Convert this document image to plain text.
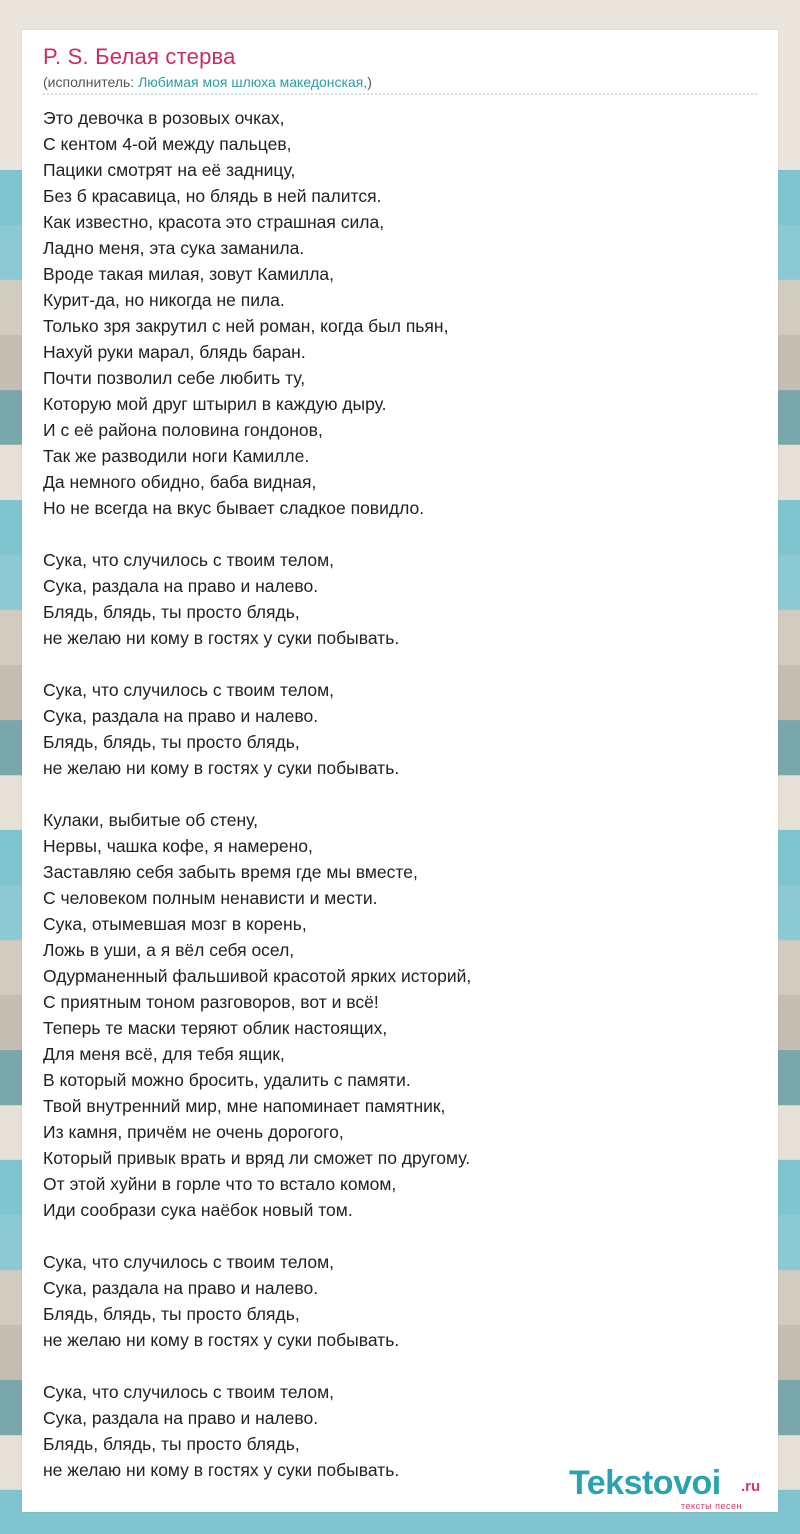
P. S. Белая стерва
(исполнитель: Любимая моя шлюха македонская,)
Это девочка в розовых очках,
С кентом 4-ой между пальцев,
Пацики смотрят на её задницу,
Без б красавица, но блядь в ней палится.
Как известно, красота это страшная сила,
Ладно меня, эта сука заманила.
Вроде такая милая, зовут Камилла,
Курит-да, но никогда не пила.
Только зря закрутил с ней роман, когда был пьян,
Нахуй руки марал, блядь баран.
Почти позволил себе любить ту,
Которую мой друг штырил в каждую дыру.
И с её района половина гондонов,
Так же разводили ноги Камилле.
Да немного обидно, баба видная,
Но не всегда на вкус бывает сладкое повидло.
Сука, что случилось с твоим телом,
Сука, раздала на право и налево.
Блядь, блядь, ты просто блядь,
не желаю ни кому в гостях у суки побывать.
Сука, что случилось с твоим телом,
Сука, раздала на право и налево.
Блядь, блядь, ты просто блядь,
не желаю ни кому в гостях у суки побывать.
Кулаки, выбитые об стену,
Нервы, чашка кофе, я намерено,
Заставляю себя забыть время где мы вместе,
С человеком полным ненависти и мести.
Сука, отымевшая мозг в корень,
Ложь в уши, а я вёл себя осел,
Одурманенный фальшивой красотой ярких историй,
С приятным тоном разговоров, вот и всё!
Теперь те маски теряют облик настоящих,
Для меня всё, для тебя ящик,
В который можно бросить, удалить с памяти.
Твой внутренний мир, мне напоминает памятник,
Из камня, причём не очень дорогого,
Который привык врать и вряд ли сможет по другому.
От этой хуйни в горле что то встало комом,
Иди сообрази сука наёбок новый том.
Сука, что случилось с твоим телом,
Сука, раздала на право и налево.
Блядь, блядь, ты просто блядь,
не желаю ни кому в гостях у суки побывать.
Сука, что случилось с твоим телом,
Сука, раздала на право и налево.
Блядь, блядь, ты просто блядь,
не желаю ни кому в гостях у суки побывать.	Tekstovoi .ru
тексты песен
